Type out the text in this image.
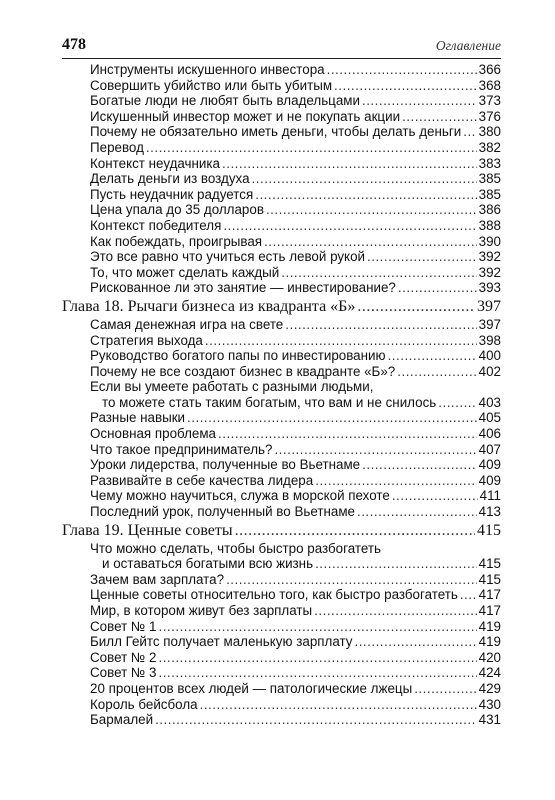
478	Оглавление
Инструменты искушенного инвестора .....	366
Совершить убийство или быть убитым .....	368
Богатые люди не любят быть владельцами .....	373
Искушенный инвестор может и не покупать акции .....	376
Почему не обязательно иметь деньги, чтобы делать деньги ..... 380
Перевод .....	382
Контекст неудачника .....	383
Делать деньги из воздуха .....	385
Пусть неудачник радуется .....	385
Цена упала до 35 долларов .....	386
Контекст победителя .....	388
Как побеждать, проигрывая .....	390
Это все равно что учиться есть левой рукой .....	392
То, что может сделать каждый .....	392
Рискованное ли это занятие — инвестирование? .....	393
Глава 18. Рычаги бизнеса из квадранта «Б» .....	397
Самая денежная игра на свете .....	397
Стратегия выхода .....	398
Руководство богатого папы по инвестированию .....	400
Почему не все создают бизнес в квадранте «Б»? .....	402
Если вы умеете работать с разными людьми,
то можете стать таким богатым, что вам и не снилось .....	403
Разные навыки .....	405
Основная проблема .....	406
Что такое предприниматель? .....	407
Уроки лидерства, полученные во Вьетнаме .....	409
Развивайте в себе качества лидера .....	409
Чему можно научиться, служа в морской пехоте .....	411
Последний урок, полученный во Вьетнаме .....	413
Глава 19. Ценные советы .....	415
Что можно сделать, чтобы быстро разбогатеть
и оставаться богатыми всю жизнь .....	415
Зачем вам зарплата? .....	415
Ценные советы относительно того, как быстро разбогатеть ..... 417
Мир, в котором живут без зарплаты .....	417
Совет № 1 .....	419
Билл Гейтс получает маленькую зарплату .....	419
Совет № 2 .....	420
Совет № 3 .....	424
20 процентов всех людей — патологические лжецы .....	429
Король бейсбола .....	430
Бармалей .....	431
